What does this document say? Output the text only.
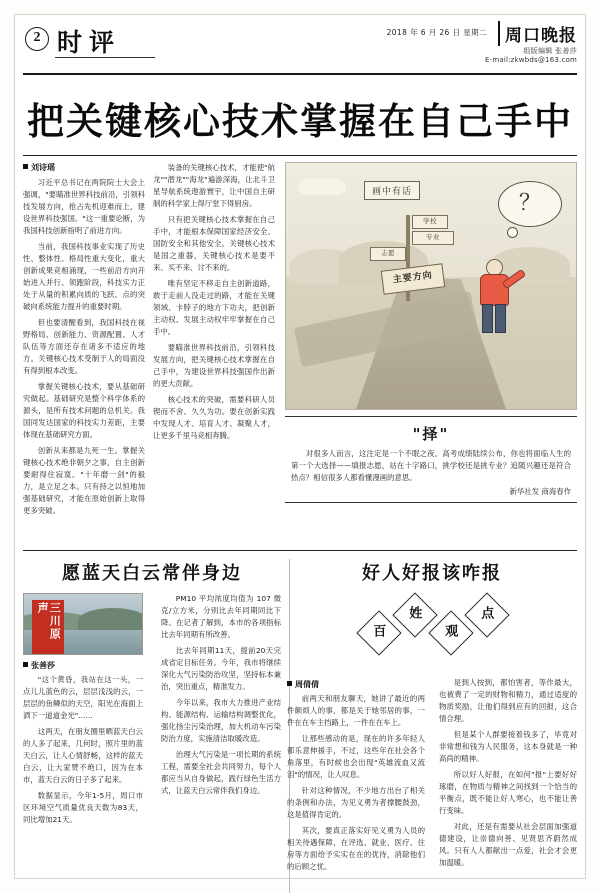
2 时评	2018 年 6 月 26 日 星期二 周口晚报
组版编辑 张善莎
E-mail:zkwbds@163.com
把关键核心技术掌握在自己手中
刘诗瑶

习近平总书记在两院院士大会上强调，"要瞄准世界科技前沿，引领科技发展方向，抢占先机迎难而上，建设世界科技强国。"这一重要论断，为我国科技创新指明了前进方向。

当前，我国科技事业实现了历史性、整体性、格局性重大变化，重大创新成果竞相涌现，一些前沿方向开始进入并行、领跑阶段，科技实力正处于从量的积累向质的飞跃、点的突破向系统能力提升的重要时期。

但也要清醒看到，我国科技在视野格局、创新能力、资源配置、人才队伍等方面还存在诸多不适应的地方。关键核心技术受制于人的局面没有得到根本改变。

掌握关键核心技术，要从基础研究做起。基础研究是整个科学体系的源头，是所有技术问题的总机关。我国同发达国家的科技实力差距，主要体现在基础研究方面。

创新从来都是九死一生。掌握关键核心技术绝非朝夕之事，自主创新要耐得住寂寞。"十年磨一剑"的毅力，是立足之本。只有持之以恒地加强基础研究，才能在原始创新上取得更多突破。

装备的关键核心技术，才能使"航龙""潜龙""海龙"遍游深海，让北斗卫星导航系统遨游寰宇，让中国自主研制的科学家上得厅堂下得厨房。

只有把关键核心技术掌握在自己手中，才能根本保障国家经济安全、国防安全和其他安全。关键核心技术是国之重器，关键核心技术是要不来、买不来、讨不来的。

唯有坚定不移走自主创新道路，敢于走前人没走过的路，才能在关键领域、卡脖子的地方下功夫，把创新主动权、发展主动权牢牢掌握在自己手中。

要瞄准世界科技前沿，引领科技发展方向，把关键核心技术掌握在自己手中，为建设世界科技强国作出新的更大贡献。

核心技术的突破，需要科研人员锲而不舍、久久为功。要在创新实践中发现人才、培育人才、凝聚人才，让更多千里马竞相奔腾。

画中有话
学校
专业
志愿
主要方向
？
"择"
对很多人而言，这注定是一个不眠之夜。高考成绩陆续公布，你也将面临人生的第一个大选择——填报志愿，站在十字路口，挑学校还是挑专业？追随兴趣还是符合热点？相信很多人都看懂漫画的意思。
新华社发 商海春作
愿蓝天白云常伴身边
三川原声
张善莎

"这个黄昏，我站在这一头，一点儿儿蓝色的云，层层浅浅的云，一层层的鱼鳞似的天空，阳光在海面上洒下一道道金光"……

这两天，在朋友圈里晒蓝天白云的人多了起来，几何时，照片里的蓝天白云，让人心情舒畅，这样的蓝天白云，让大家赞不绝口，因为在本市，蓝天白云的日子多了起来。

数据显示，今年1-5月，周口市区环境空气质量优良天数为83天，同比增加21天。

PM10 平均浓度均值为 107 微克/立方米，分别比去年同期同比下降。在记者了解到，本市的各项指标比去年同期有所改善。

比去年同期11天，提前20天完成省定目标任务。今年，我市将继续深化大气污染防治攻坚，坚持标本兼治，突出重点，精准发力。

今年以来，我市大力推进产业结构、能源结构、运输结构调整优化，强化扬尘污染治理，加大机动车污染防治力度，实施清洁取暖改造。

治理大气污染是一项长期的系统工程，需要全社会共同努力，每个人都应当从自身做起，践行绿色生活方式，让蓝天白云常伴我们身边。

好人好报该咋报
百
姓
观
点
周倩倩

前两天和朋友聊天，她讲了最近的两件颇烦人的事，都是关于她邻居的事，一件在在车主挡路上，一件在在车上。

让那些感动的是，现在的许多年轻人都乐意伸援手，不过，这些年在社会各个角落里，有时候也会出现"英雄流血又流泪"的情况，让人叹息。

针对这种情况，不少地方出台了相关的条例和办法，为见义勇为者撑腰鼓劲，这是值得肯定的。

其次，要真正落实好见义勇为人员的相关待遇保障，在评选、就业、医疗、住房等方面给予实实在在的优待，消除他们的后顾之忧。

是到人按到，都怕害者，等作最大，也被费了一定的财物和精力，通过适度的物质奖励，让他们得到应有的回报，这合情合理。

但是某个人群要接着钱多了，毕竟对非常想和钱为人民服务，这本身就是一种高尚的精神。

所以好人好报，在如何"报"上要好好琢磨，在物质与精神之间找到一个恰当的平衡点，既不能让好人寒心，也不能让善行变味。

对此，还是有需要从社会层面加强道德建设，让崇德向善、见贤思齐蔚然成风。只有人人都献出一点爱，社会才会更加温暖。
